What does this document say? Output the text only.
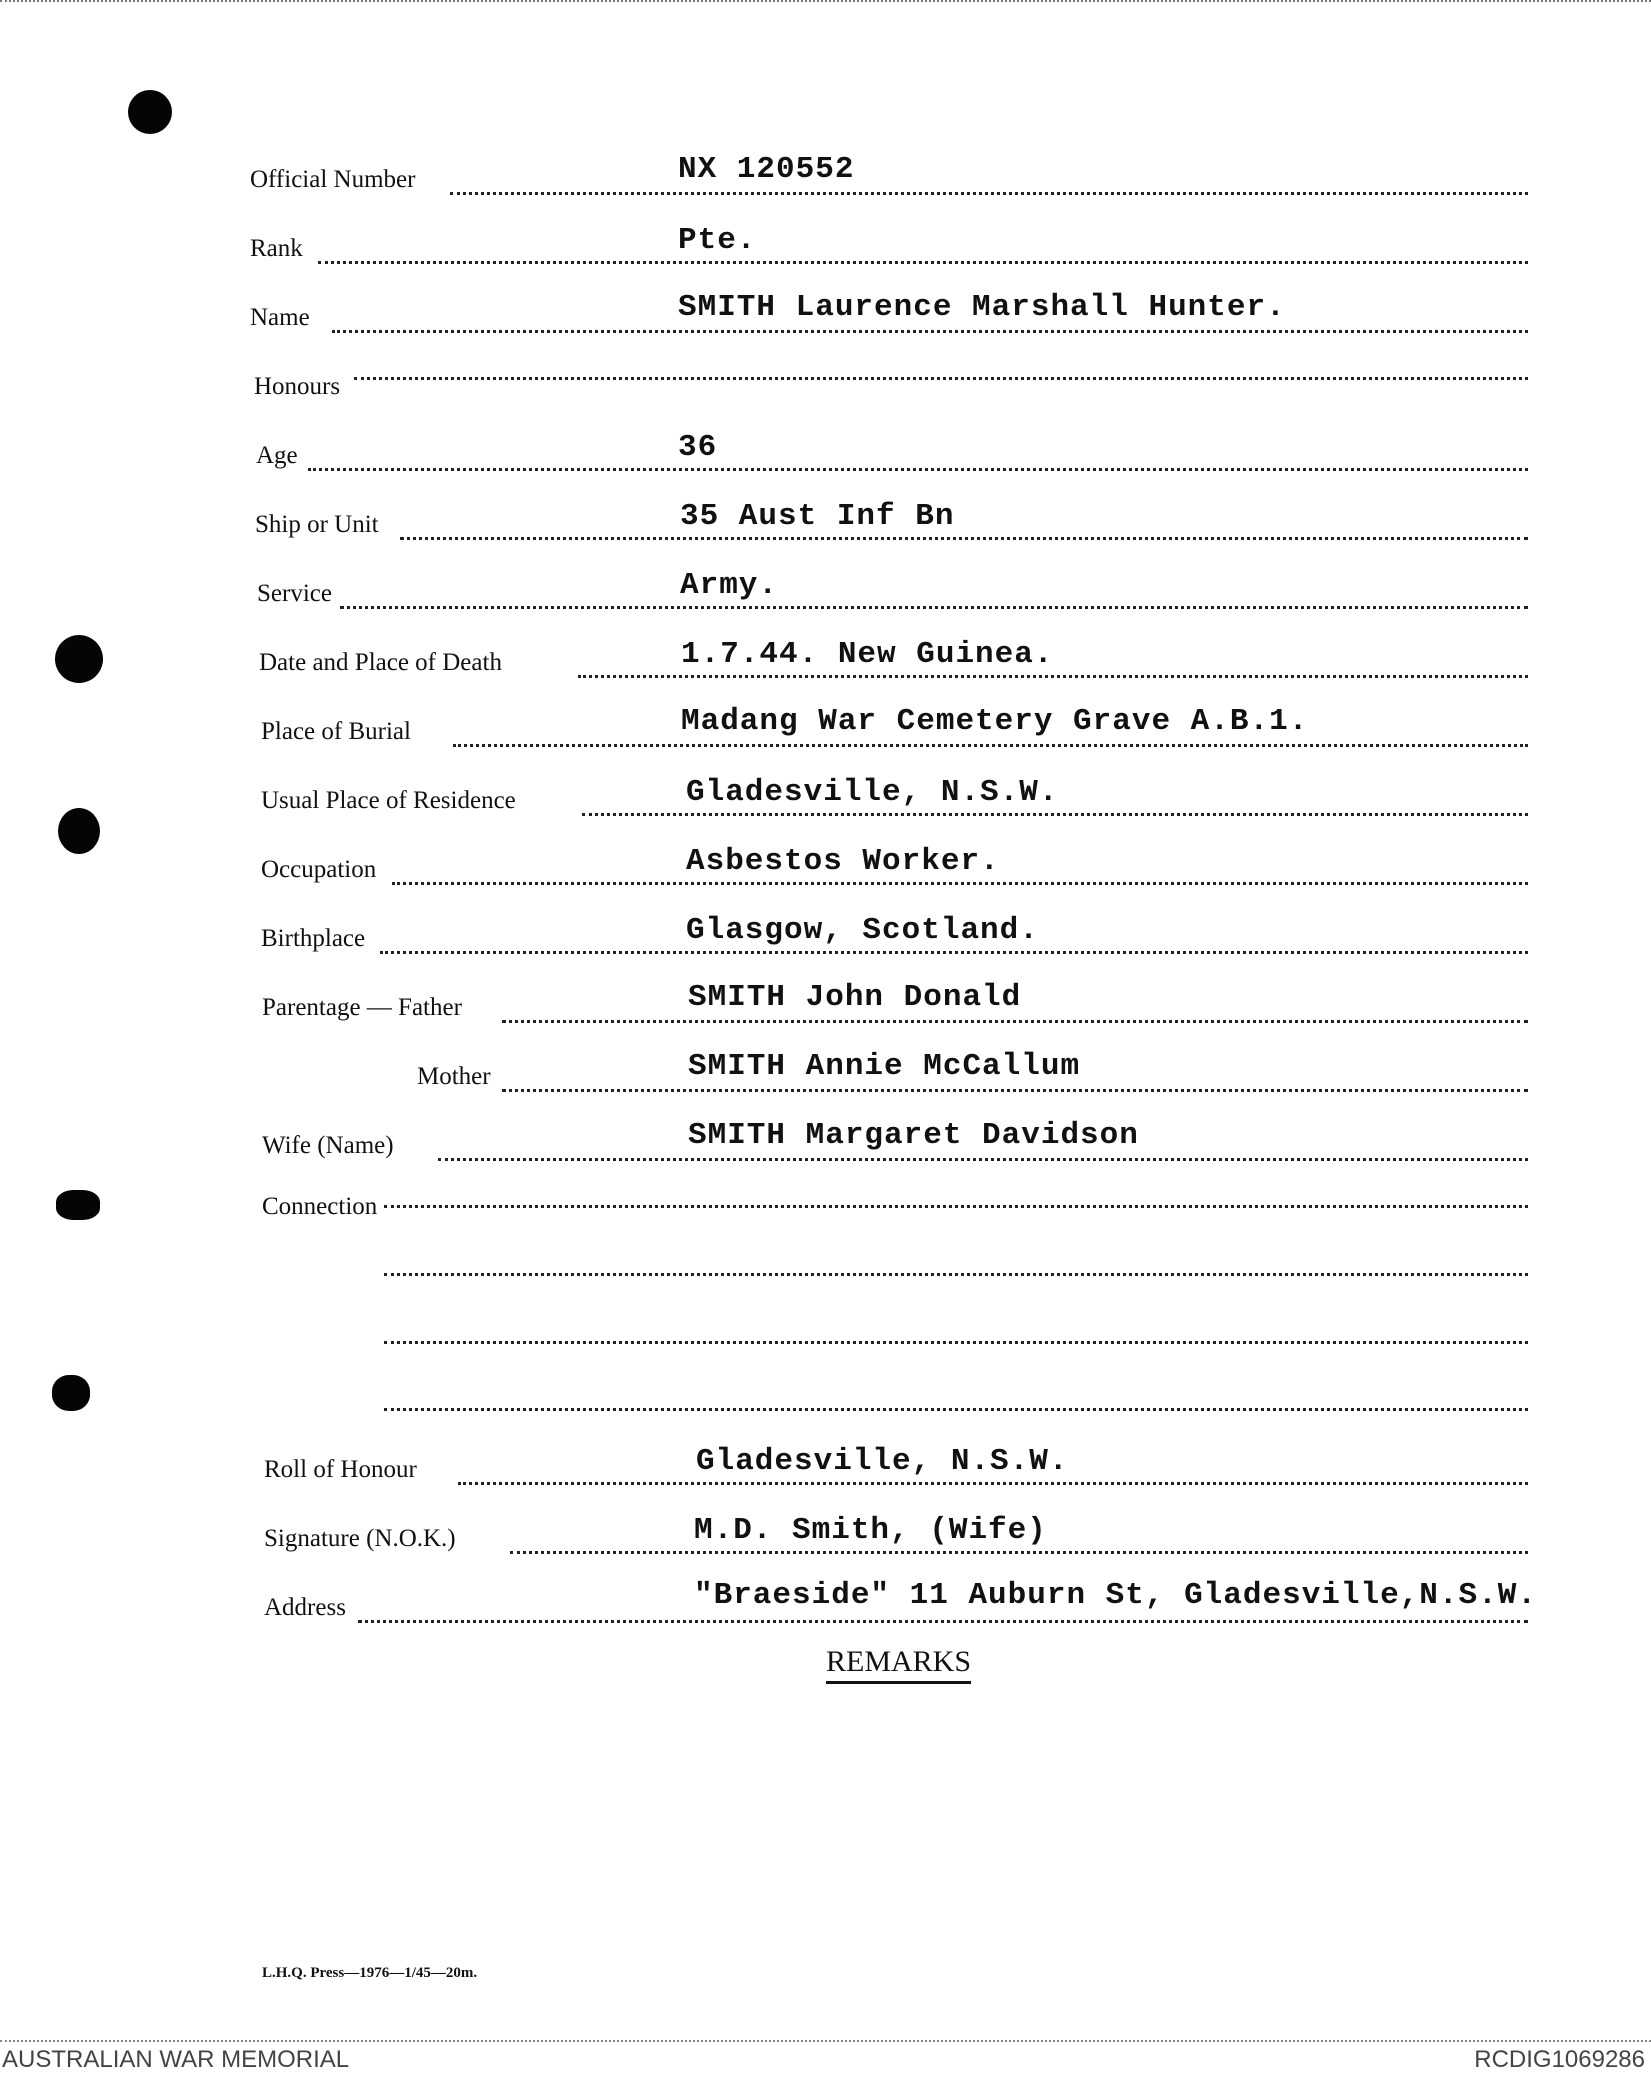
Official Number	NX 120552
Rank	Pte.
Name	SMITH Laurence Marshall Hunter.
Honours
Age	36
Ship or Unit	35 Aust Inf Bn
Service	Army.
Date and Place of Death	1.7.44. New Guinea.
Place of Burial	Madang War Cemetery Grave A.B.1.
Usual Place of Residence	Gladesville, N.S.W.
Occupation	Asbestos Worker.
Birthplace	Glasgow, Scotland.
Parentage — Father	SMITH John Donald
Mother	SMITH Annie McCallum
Wife (Name)	SMITH Margaret Davidson
Connection
Roll of Honour	Gladesville, N.S.W.
Signature (N.O.K.)	M.D. Smith, (Wife)
Address	"Braeside" 11 Auburn St, Gladesville,N.S.W.
REMARKS
L.H.Q. Press—1976—1/45—20m.
AUSTRALIAN WAR MEMORIAL	RCDIG1069286
